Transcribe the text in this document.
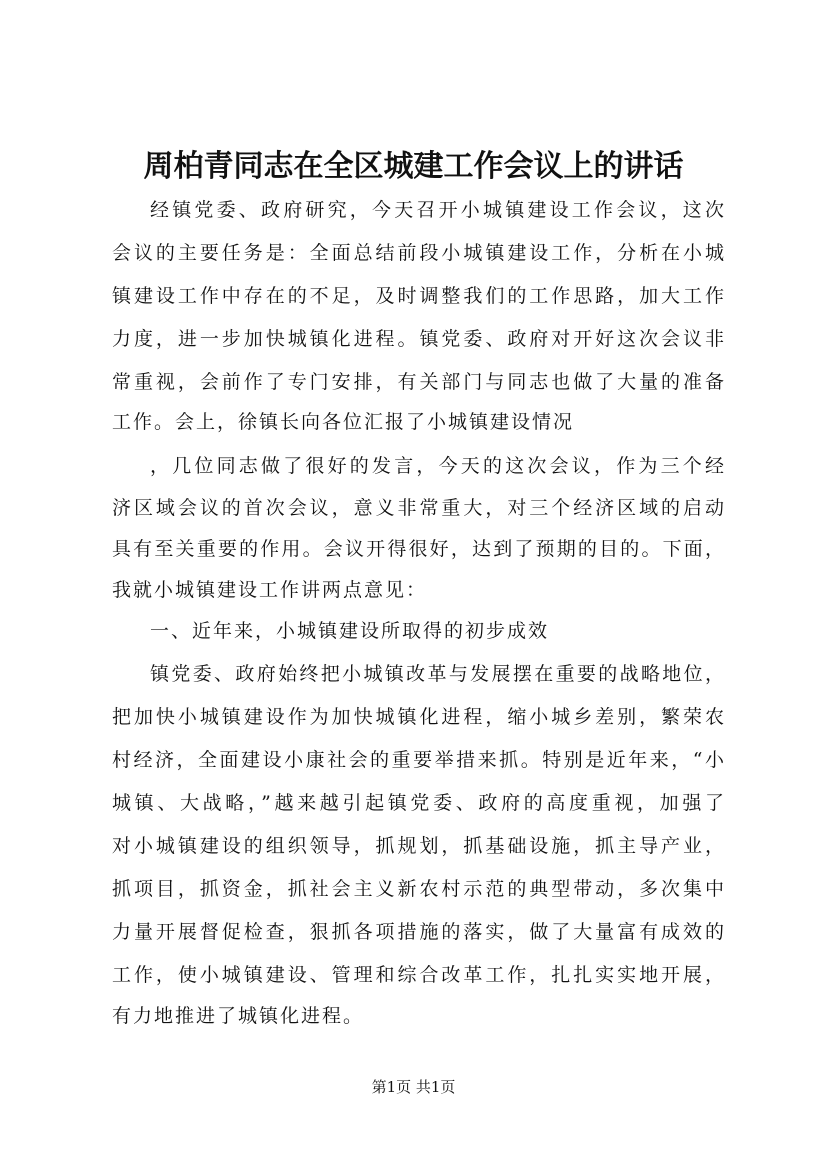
周柏青同志在全区城建工作会议上的讲话
经镇党委、政府研究，今天召开小城镇建设工作会议，这次
会议的主要任务是：全面总结前段小城镇建设工作，分析在小城
镇建设工作中存在的不足，及时调整我们的工作思路，加大工作
力度，进一步加快城镇化进程。镇党委、政府对开好这次会议非
常重视，会前作了专门安排，有关部门与同志也做了大量的准备
工作。会上，徐镇长向各位汇报了小城镇建设情况
，几位同志做了很好的发言，今天的这次会议，作为三个经
济区域会议的首次会议，意义非常重大，对三个经济区域的启动
具有至关重要的作用。会议开得很好，达到了预期的目的。下面，
我就小城镇建设工作讲两点意见：
一、近年来，小城镇建设所取得的初步成效
镇党委、政府始终把小城镇改革与发展摆在重要的战略地位，
把加快小城镇建设作为加快城镇化进程，缩小城乡差别，繁荣农
村经济，全面建设小康社会的重要举措来抓。特别是近年来，“小
城镇、大战略，”越来越引起镇党委、政府的高度重视，加强了
对小城镇建设的组织领导，抓规划，抓基础设施，抓主导产业，
抓项目，抓资金，抓社会主义新农村示范的典型带动，多次集中
力量开展督促检查，狠抓各项措施的落实，做了大量富有成效的
工作，使小城镇建设、管理和综合改革工作，扎扎实实地开展，
有力地推进了城镇化进程。
第1页 共1页
